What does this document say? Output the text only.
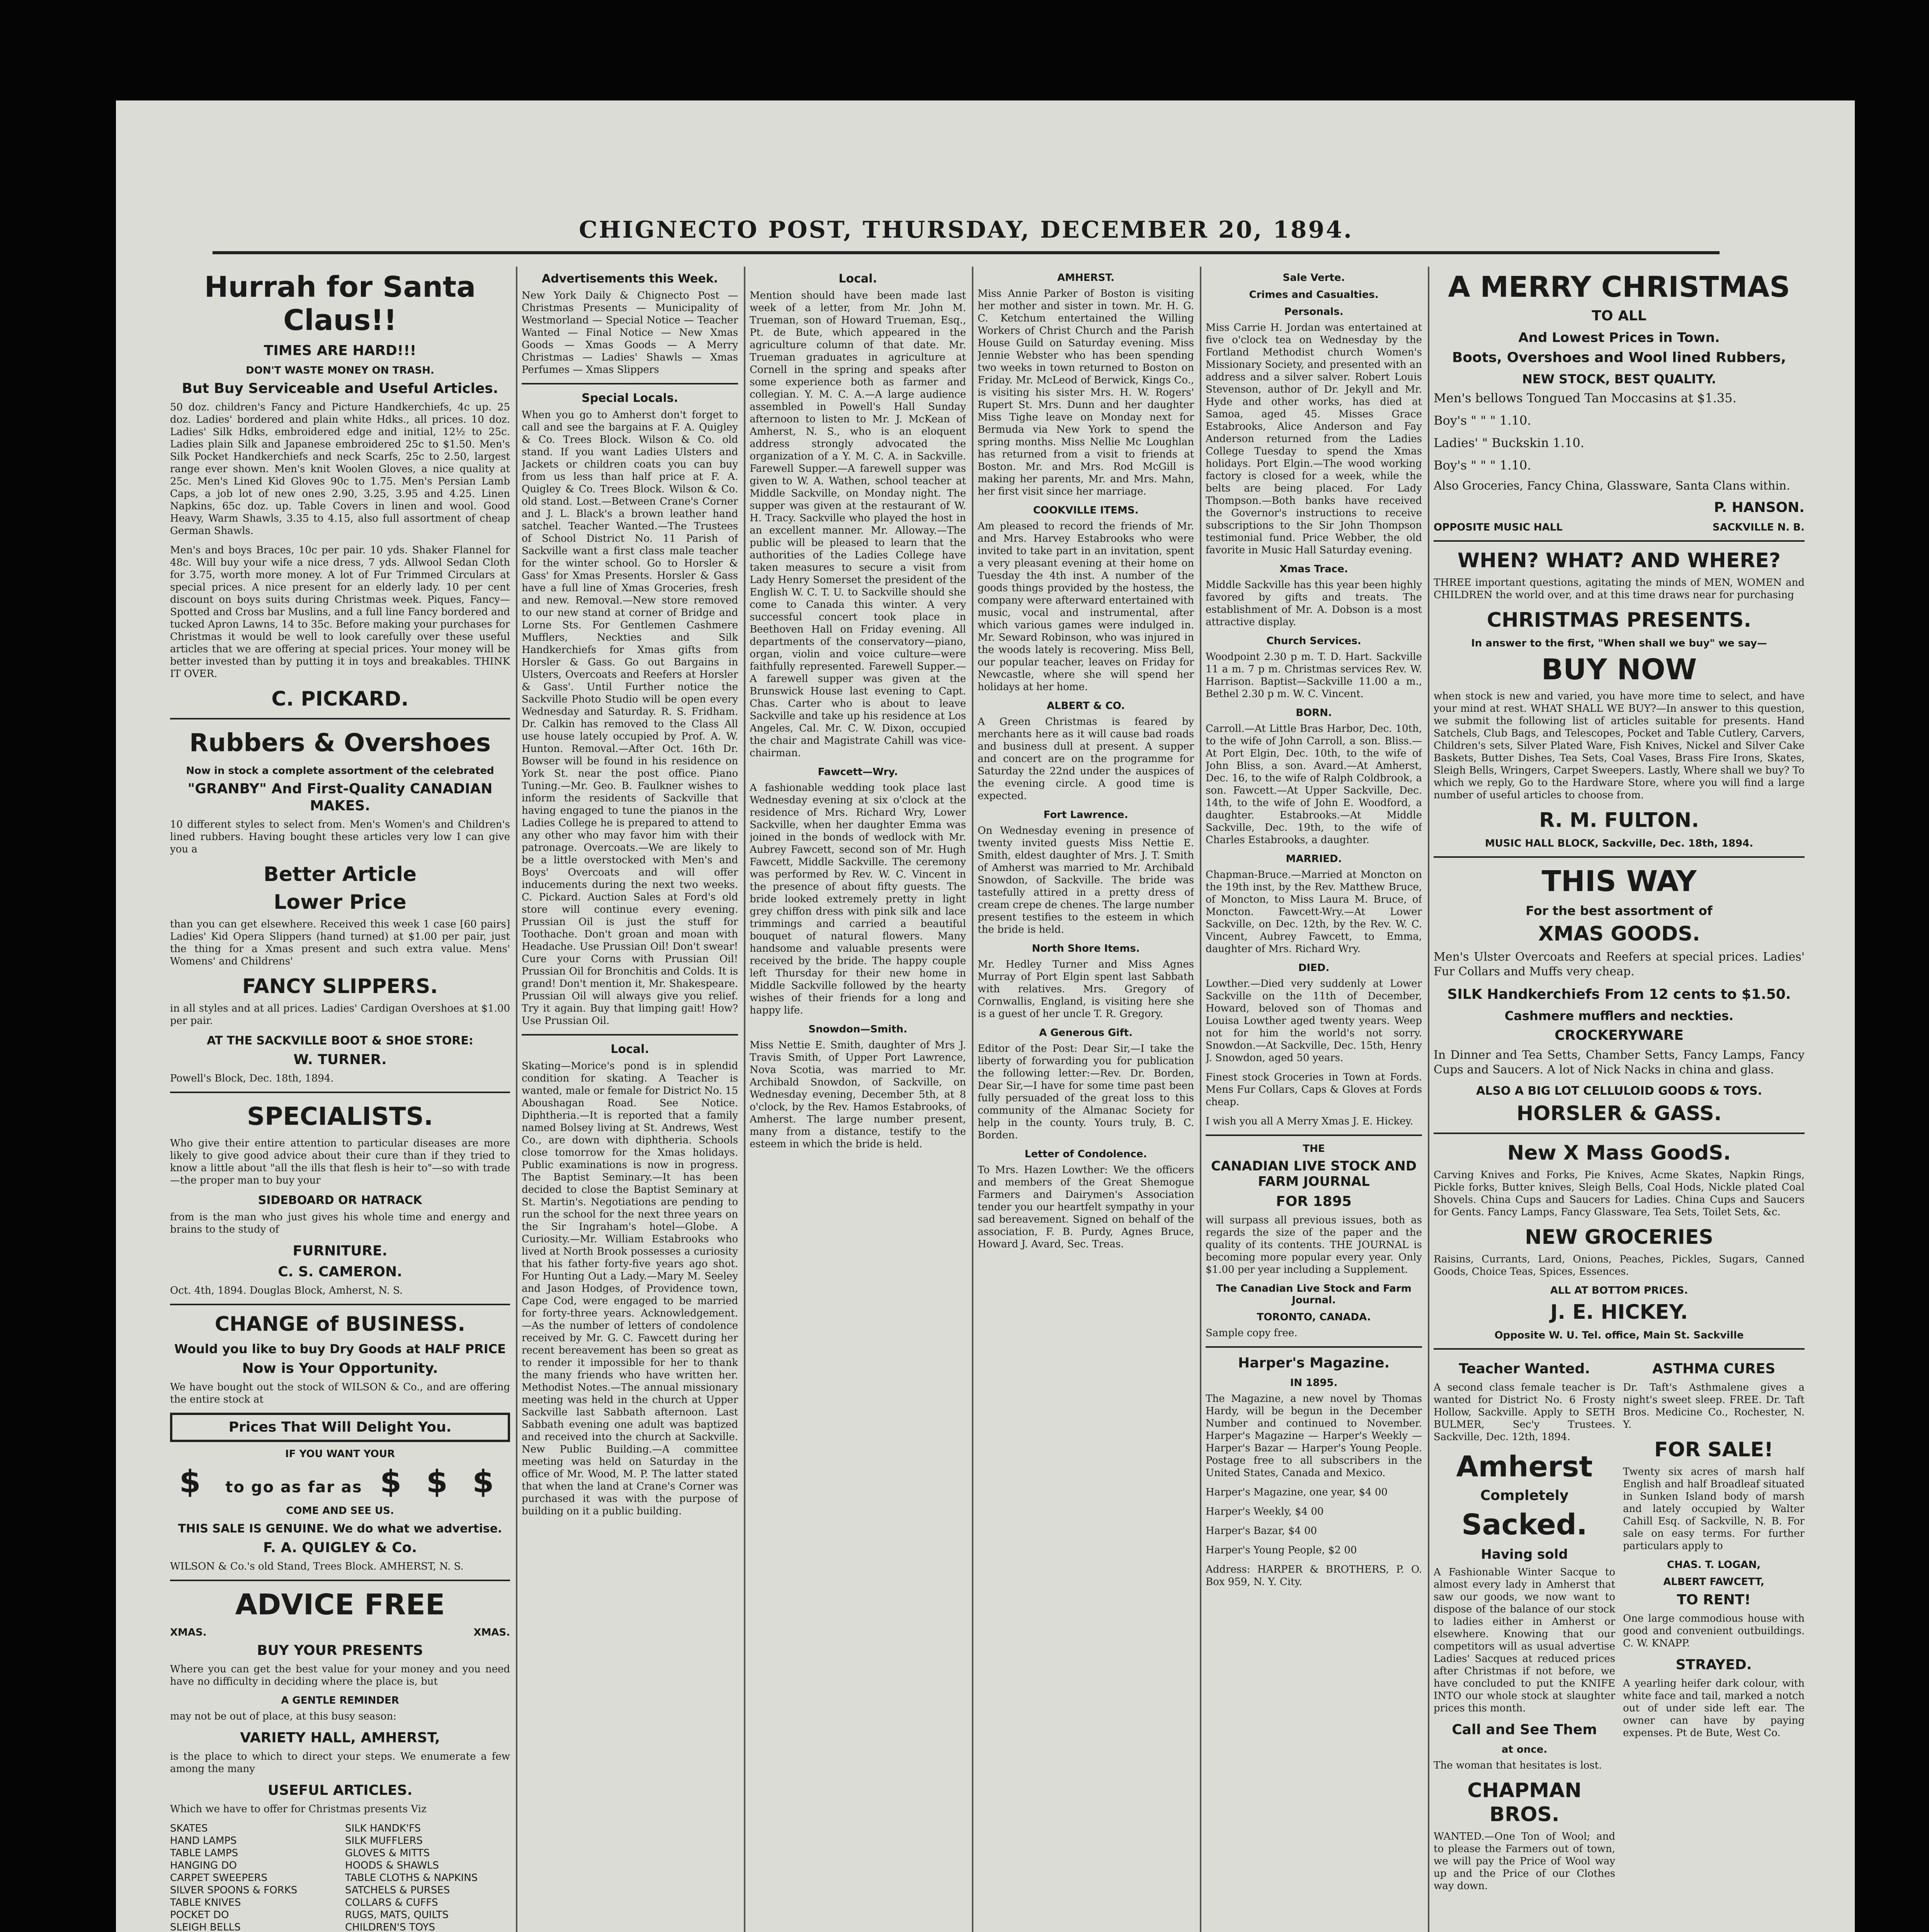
CHIGNECTO POST, THURSDAY, DECEMBER 20, 1894.
Hurrah for Santa Claus!!
TIMES ARE HARD!!!
DON'T WASTE MONEY ON TRASH.
But Buy Serviceable and Useful Articles.

50 doz. children's Fancy and Picture Handkerchiefs, 4c up. 25 doz. Ladies' bordered and plain white Hdks., all prices. 10 doz. Ladies' Silk Hdks, embroidered edge and initial, 12½ to 25c. Ladies plain Silk and Japanese embroidered 25c to $1.50. Men's Silk Pocket Handkerchiefs and neck Scarfs, 25c to 2.50, largest range ever shown. Men's knit Woolen Gloves, a nice quality at 25c. Men's Lined Kid Gloves 90c to 1.75. Men's Persian Lamb Caps, a job lot of new ones 2.90, 3.25, 3.95 and 4.25. Linen Napkins, 65c doz. up. Table Covers in linen and wool. Good Heavy, Warm Shawls, 3.35 to 4.15, also full assortment of cheap German Shawls.

Men's and boys Braces, 10c per pair. 10 yds. Shaker Flannel for 48c. Will buy your wife a nice dress, 7 yds. Allwool Sedan Cloth for 3.75, worth more money. A lot of Fur Trimmed Circulars at special prices. A nice present for an elderly lady. 10 per cent discount on boys suits during Christmas week. Piques, Fancy—Spotted and Cross bar Muslins, and a full line Fancy bordered and tucked Apron Lawns, 14 to 35c. Before making your purchases for Christmas it would be well to look carefully over these useful articles that we are offering at special prices. Your money will be better invested than by putting it in toys and breakables. THINK IT OVER.

C. PICKARD.
Rubbers & Overshoes
Now in stock a complete assortment of the celebrated
"GRANBY" And First-Quality CANADIAN MAKES.

10 different styles to select from. Men's Women's and Children's lined rubbers. Having bought these articles very low I can give you a

Better Article
Lower Price

than you can get elsewhere. Received this week 1 case [60 pairs] Ladies' Kid Opera Slippers (hand turned) at $1.00 per pair, just the thing for a Xmas present and such extra value. Mens' Womens' and Childrens'

FANCY SLIPPERS.

in all styles and at all prices. Ladies' Cardigan Overshoes at $1.00 per pair.

AT THE SACKVILLE BOOT & SHOE STORE:
W. TURNER.

Powell's Block, Dec. 18th, 1894.

SPECIALISTS.

Who give their entire attention to particular diseases are more likely to give good advice about their cure than if they tried to know a little about "all the ills that flesh is heir to"—so with trade—the proper man to buy your

SIDEBOARD OR HATRACK

from is the man who just gives his whole time and energy and brains to the study of

FURNITURE.
C. S. CAMERON.

Oct. 4th, 1894. Douglas Block, Amherst, N. S.

CHANGE of BUSINESS.
Would you like to buy Dry Goods at HALF PRICE
Now is Your Opportunity.

We have bought out the stock of WILSON & Co., and are offering the entire stock at

Prices That Will Delight You.
IF YOU WANT YOUR
$ to go as far as $ $ $
COME AND SEE US.
THIS SALE IS GENUINE. We do what we advertise.
F. A. QUIGLEY & Co.

WILSON & Co.'s old Stand, Trees Block. AMHERST, N. S.

ADVICE FREE
XMAS.	XMAS.
BUY YOUR PRESENTS

Where you can get the best value for your money and you need have no difficulty in deciding where the place is, but

A GENTLE REMINDER

may not be out of place, at this busy season:

VARIETY HALL, AMHERST,

is the place to which to direct your steps. We enumerate a few among the many

USEFUL ARTICLES.

Which we have to offer for Christmas presents Viz

SKATES
HAND LAMPS
TABLE LAMPS
HANGING DO
CARPET SWEEPERS
SILVER SPOONS & FORKS
TABLE KNIVES
POCKET DO
SLEIGH BELLS
SILK HANDK'FS
SILK MUFFLERS
GLOVES & MITTS
HOODS & SHAWLS
TABLE CLOTHS & NAPKINS
SATCHELS & PURSES
COLLARS & CUFFS
RUGS, MATS, QUILTS
CHILDREN'S TOYS
Advertisements this Week.

New York Daily & Chignecto Post — Christmas Presents — Municipality of Westmorland — Special Notice — Teacher Wanted — Final Notice — New Xmas Goods — Xmas Goods — A Merry Christmas — Ladies' Shawls — Xmas Perfumes — Xmas Slippers

Special Locals.

When you go to Amherst don't forget to call and see the bargains at F. A. Quigley & Co. Trees Block. Wilson & Co. old stand. If you want Ladies Ulsters and Jackets or children coats you can buy from us less than half price at F. A. Quigley & Co. Trees Block. Wilson & Co. old stand. Lost.—Between Crane's Corner and J. L. Black's a brown leather hand satchel. Teacher Wanted.—The Trustees of School District No. 11 Parish of Sackville want a first class male teacher for the winter school. Go to Horsler & Gass' for Xmas Presents. Horsler & Gass have a full line of Xmas Groceries, fresh and new. Removal.—New store removed to our new stand at corner of Bridge and Lorne Sts. For Gentlemen Cashmere Mufflers, Neckties and Silk Handkerchiefs for Xmas gifts from Horsler & Gass. Go out Bargains in Ulsters, Overcoats and Reefers at Horsler & Gass'. Until Further notice the Sackville Photo Studio will be open every Wednesday and Saturday. R. S. Fridham. Dr. Calkin has removed to the Class All use house lately occupied by Prof. A. W. Hunton. Removal.—After Oct. 16th Dr. Bowser will be found in his residence on York St. near the post office. Piano Tuning.—Mr. Geo. B. Faulkner wishes to inform the residents of Sackville that having engaged to tune the pianos in the Ladies College he is prepared to attend to any other who may favor him with their patronage. Overcoats.—We are likely to be a little overstocked with Men's and Boys' Overcoats and will offer inducements during the next two weeks. C. Pickard. Auction Sales at Ford's old store will continue every evening. Prussian Oil is just the stuff for Toothache. Don't groan and moan with Headache. Use Prussian Oil! Don't swear! Cure your Corns with Prussian Oil! Prussian Oil for Bronchitis and Colds. It is grand! Don't mention it, Mr. Shakespeare. Prussian Oil will always give you relief. Try it again. Buy that limping gait! How? Use Prussian Oil.

Local.

Skating—Morice's pond is in splendid condition for skating. A Teacher is wanted, male or female for District No. 15 Aboushagan Road. See Notice. Diphtheria.—It is reported that a family named Bolsey living at St. Andrews, West Co., are down with diphtheria. Schools close tomorrow for the Xmas holidays. Public examinations is now in progress. The Baptist Seminary.—It has been decided to close the Baptist Seminary at St. Martin's. Negotiations are pending to run the school for the next three years on the Sir Ingraham's hotel—Globe. A Curiosity.—Mr. William Estabrooks who lived at North Brook possesses a curiosity that his father forty-five years ago shot. For Hunting Out a Lady.—Mary M. Seeley and Jason Hodges, of Providence town, Cape Cod, were engaged to be married for forty-three years. Acknowledgement.—As the number of letters of condolence received by Mr. G. C. Fawcett during her recent bereavement has been so great as to render it impossible for her to thank the many friends who have written her. Methodist Notes.—The annual missionary meeting was held in the church at Upper Sackville last Sabbath afternoon. Last Sabbath evening one adult was baptized and received into the church at Sackville. New Public Building.—A committee meeting was held on Saturday in the office of Mr. Wood, M. P. The latter stated that when the land at Crane's Corner was purchased it was with the purpose of building on it a public building.

Local.

Mention should have been made last week of a letter, from Mr. John M. Trueman, son of Howard Trueman, Esq., Pt. de Bute, which appeared in the agriculture column of that date. Mr. Trueman graduates in agriculture at Cornell in the spring and speaks after some experience both as farmer and collegian. Y. M. C. A.—A large audience assembled in Powell's Hall Sunday afternoon to listen to Mr. J. McKean of Amherst, N. S., who is an eloquent address strongly advocated the organization of a Y. M. C. A. in Sackville. Farewell Supper.—A farewell supper was given to W. A. Wathen, school teacher at Middle Sackville, on Monday night. The supper was given at the restaurant of W. H. Tracy. Sackville who played the host in an excellent manner. Mr. Alloway.—The public will be pleased to learn that the authorities of the Ladies College have taken measures to secure a visit from Lady Henry Somerset the president of the English W. C. T. U. to Sackville should she come to Canada this winter. A very successful concert took place in Beethoven Hall on Friday evening. All departments of the conservatory—piano, organ, violin and voice culture—were faithfully represented. Farewell Supper.—A farewell supper was given at the Brunswick House last evening to Capt. Chas. Carter who is about to leave Sackville and take up his residence at Los Angeles, Cal. Mr. C. W. Dixon, occupied the chair and Magistrate Cahill was vice-chairman.

Fawcett—Wry.

A fashionable wedding took place last Wednesday evening at six o'clock at the residence of Mrs. Richard Wry, Lower Sackville, when her daughter Emma was joined in the bonds of wedlock with Mr. Aubrey Fawcett, second son of Mr. Hugh Fawcett, Middle Sackville. The ceremony was performed by Rev. W. C. Vincent in the presence of about fifty guests. The bride looked extremely pretty in light grey chiffon dress with pink silk and lace trimmings and carried a beautiful bouquet of natural flowers. Many handsome and valuable presents were received by the bride. The happy couple left Thursday for their new home in Middle Sackville followed by the hearty wishes of their friends for a long and happy life.

Snowdon—Smith.

Miss Nettie E. Smith, daughter of Mrs J. Travis Smith, of Upper Port Lawrence, Nova Scotia, was married to Mr. Archibald Snowdon, of Sackville, on Wednesday evening, December 5th, at 8 o'clock, by the Rev. Hamos Estabrooks, of Amherst. The large number present, many from a distance, testify to the esteem in which the bride is held.

AMHERST.

Miss Annie Parker of Boston is visiting her mother and sister in town. Mr. H. G. C. Ketchum entertained the Willing Workers of Christ Church and the Parish House Guild on Saturday evening. Miss Jennie Webster who has been spending two weeks in town returned to Boston on Friday. Mr. McLeod of Berwick, Kings Co., is visiting his sister Mrs. H. W. Rogers' Rupert St. Mrs. Dunn and her daughter Miss Tighe leave on Monday next for Bermuda via New York to spend the spring months. Miss Nellie Mc Loughlan has returned from a visit to friends at Boston. Mr. and Mrs. Rod McGill is making her parents, Mr. and Mrs. Mahn, her first visit since her marriage.

COOKVILLE ITEMS.

Am pleased to record the friends of Mr. and Mrs. Harvey Estabrooks who were invited to take part in an invitation, spent a very pleasant evening at their home on Tuesday the 4th inst. A number of the goods things provided by the hostess, the company were afterward entertained with music, vocal and instrumental, after which various games were indulged in. Mr. Seward Robinson, who was injured in the woods lately is recovering. Miss Bell, our popular teacher, leaves on Friday for Newcastle, where she will spend her holidays at her home.

ALBERT & CO.

A Green Christmas is feared by merchants here as it will cause bad roads and business dull at present. A supper and concert are on the programme for Saturday the 22nd under the auspices of the evening circle. A good time is expected.

Fort Lawrence.

On Wednesday evening in presence of twenty invited guests Miss Nettie E. Smith, eldest daughter of Mrs. J. T. Smith of Amherst was married to Mr. Archibald Snowdon, of Sackville. The bride was tastefully attired in a pretty dress of cream crepe de chenes. The large number present testifies to the esteem in which the bride is held.

North Shore Items.

Mr. Hedley Turner and Miss Agnes Murray of Port Elgin spent last Sabbath with relatives. Mrs. Gregory of Cornwallis, England, is visiting here she is a guest of her uncle T. R. Gregory.

A Generous Gift.

Editor of the Post: Dear Sir,—I take the liberty of forwarding you for publication the following letter:—Rev. Dr. Borden, Dear Sir,—I have for some time past been fully persuaded of the great loss to this community of the Almanac Society for help in the county. Yours truly, B. C. Borden.

Letter of Condolence.

To Mrs. Hazen Lowther: We the officers and members of the Great Shemogue Farmers and Dairymen's Association tender you our heartfelt sympathy in your sad bereavement. Signed on behalf of the association, F. B. Purdy, Agnes Bruce, Howard J. Avard, Sec. Treas.

Sale Verte.
Crimes and Casualties.
Personals.

Miss Carrie H. Jordan was entertained at five o'clock tea on Wednesday by the Fortland Methodist church Women's Missionary Society, and presented with an address and a silver salver. Robert Louis Stevenson, author of Dr. Jekyll and Mr. Hyde and other works, has died at Samoa, aged 45. Misses Grace Estabrooks, Alice Anderson and Fay Anderson returned from the Ladies College Tuesday to spend the Xmas holidays. Port Elgin.—The wood working factory is closed for a week, while the belts are being placed. For Lady Thompson.—Both banks have received the Governor's instructions to receive subscriptions to the Sir John Thompson testimonial fund. Price Webber, the old favorite in Music Hall Saturday evening.

Xmas Trace.

Middle Sackville has this year been highly favored by gifts and treats. The establishment of Mr. A. Dobson is a most attractive display.

Church Services.

Woodpoint 2.30 p m. T. D. Hart. Sackville 11 a m. 7 p m. Christmas services Rev. W. Harrison. Baptist—Sackville 11.00 a m., Bethel 2.30 p m. W. C. Vincent.

BORN.

Carroll.—At Little Bras Harbor, Dec. 10th, to the wife of John Carroll, a son. Bliss.—At Port Elgin, Dec. 10th, to the wife of John Bliss, a son. Avard.—At Amherst, Dec. 16, to the wife of Ralph Coldbrook, a son. Fawcett.—At Upper Sackville, Dec. 14th, to the wife of John E. Woodford, a daughter. Estabrooks.—At Middle Sackville, Dec. 19th, to the wife of Charles Estabrooks, a daughter.

MARRIED.

Chapman-Bruce.—Married at Moncton on the 19th inst, by the Rev. Matthew Bruce, of Moncton, to Miss Laura M. Bruce, of Moncton. Fawcett-Wry.—At Lower Sackville, on Dec. 12th, by the Rev. W. C. Vincent, Aubrey Fawcett, to Emma, daughter of Mrs. Richard Wry.

DIED.

Lowther.—Died very suddenly at Lower Sackville on the 11th of December, Howard, beloved son of Thomas and Louisa Lowther aged twenty years. Weep not for him the world's not sorry. Snowdon.—At Sackville, Dec. 15th, Henry J. Snowdon, aged 50 years.

Finest stock Groceries in Town at Fords. Mens Fur Collars, Caps & Gloves at Fords cheap.

I wish you all A Merry Xmas J. E. Hickey.

THE
CANADIAN LIVE STOCK AND FARM JOURNAL
FOR 1895

will surpass all previous issues, both as regards the size of the paper and the quality of its contents. THE JOURNAL is becoming more popular every year. Only $1.00 per year including a Supplement.

The Canadian Live Stock and Farm Journal.
TORONTO, CANADA.

Sample copy free.

Harper's Magazine.
IN 1895.

The Magazine, a new novel by Thomas Hardy, will be begun in the December Number and continued to November. Harper's Magazine — Harper's Weekly — Harper's Bazar — Harper's Young People. Postage free to all subscribers in the United States, Canada and Mexico.

Harper's Magazine, one year, $4 00

Harper's Weekly, $4 00

Harper's Bazar, $4 00

Harper's Young People, $2 00

Address: HARPER & BROTHERS, P. O. Box 959, N. Y. City.

A MERRY CHRISTMAS
TO ALL
And Lowest Prices in Town.
Boots, Overshoes and Wool lined Rubbers,
NEW STOCK, BEST QUALITY.

Men's bellows Tongued Tan Moccasins at $1.35.

Boy's " " " 1.10.

Ladies' " Buckskin 1.10.

Boy's " " " 1.10.

Also Groceries, Fancy China, Glassware, Santa Clans within.

P. HANSON.
OPPOSITE MUSIC HALL	SACKVILLE N. B.
WHEN? WHAT? AND WHERE?

THREE important questions, agitating the minds of MEN, WOMEN and CHILDREN the world over, and at this time draws near for purchasing

CHRISTMAS PRESENTS.
In answer to the first, "When shall we buy" we say—
BUY NOW

when stock is new and varied, you have more time to select, and have your mind at rest. WHAT SHALL WE BUY?—In answer to this question, we submit the following list of articles suitable for presents. Hand Satchels, Club Bags, and Telescopes, Pocket and Table Cutlery, Carvers, Children's sets, Silver Plated Ware, Fish Knives, Nickel and Silver Cake Baskets, Butter Dishes, Tea Sets, Coal Vases, Brass Fire Irons, Skates, Sleigh Bells, Wringers, Carpet Sweepers. Lastly, Where shall we buy? To which we reply, Go to the Hardware Store, where you will find a large number of useful articles to choose from.

R. M. FULTON.
MUSIC HALL BLOCK, Sackville, Dec. 18th, 1894.
THIS WAY
For the best assortment of
XMAS GOODS.

Men's Ulster Overcoats and Reefers at special prices. Ladies' Fur Collars and Muffs very cheap.

SILK Handkerchiefs From 12 cents to $1.50.
Cashmere mufflers and neckties.
CROCKERYWARE

In Dinner and Tea Setts, Chamber Setts, Fancy Lamps, Fancy Cups and Saucers. A lot of Nick Nacks in china and glass.

ALSO A BIG LOT CELLULOID GOODS & TOYS.
HORSLER & GASS.
New X Mass GoodS.

Carving Knives and Forks, Pie Knives, Acme Skates, Napkin Rings, Pickle forks, Butter knives, Sleigh Bells, Coal Hods, Nickle plated Coal Shovels. China Cups and Saucers for Ladies. China Cups and Saucers for Gents. Fancy Lamps, Fancy Glassware, Tea Sets, Toilet Sets, &c.

NEW GROCERIES

Raisins, Currants, Lard, Onions, Peaches, Pickles, Sugars, Canned Goods, Choice Teas, Spices, Essences.

ALL AT BOTTOM PRICES.
J. E. HICKEY.
Opposite W. U. Tel. office, Main St. Sackville
Teacher Wanted.

A second class female teacher is wanted for District No. 6 Frosty Hollow, Sackville. Apply to SETH BULMER, Sec'y Trustees. Sackville, Dec. 12th, 1894.

Amherst
Completely
Sacked.
Having sold

A Fashionable Winter Sacque to almost every lady in Amherst that saw our goods, we now want to dispose of the balance of our stock to ladies either in Amherst or elsewhere. Knowing that our competitors will as usual advertise Ladies' Sacques at reduced prices after Christmas if not before, we have concluded to put the KNIFE INTO our whole stock at slaughter prices this month.

Call and See Them
at once.

The woman that hesitates is lost.

CHAPMAN BROS.

WANTED.—One Ton of Wool; and to please the Farmers out of town, we will pay the Price of Wool way up and the Price of our Clothes way down.

ASTHMA CURES

Dr. Taft's Asthmalene gives a night's sweet sleep. FREE. Dr. Taft Bros. Medicine Co., Rochester, N. Y.

FOR SALE!

Twenty six acres of marsh half English and half Broadleaf situated in Sunken Island body of marsh and lately occupied by Walter Cahill Esq. of Sackville, N. B. For sale on easy terms. For further particulars apply to

CHAS. T. LOGAN,
ALBERT FAWCETT,
TO RENT!

One large commodious house with good and convenient outbuildings. C. W. KNAPP.

STRAYED.

A yearling heifer dark colour, with white face and tail, marked a notch out of under side left ear. The owner can have by paying expenses. Pt de Bute, West Co.
